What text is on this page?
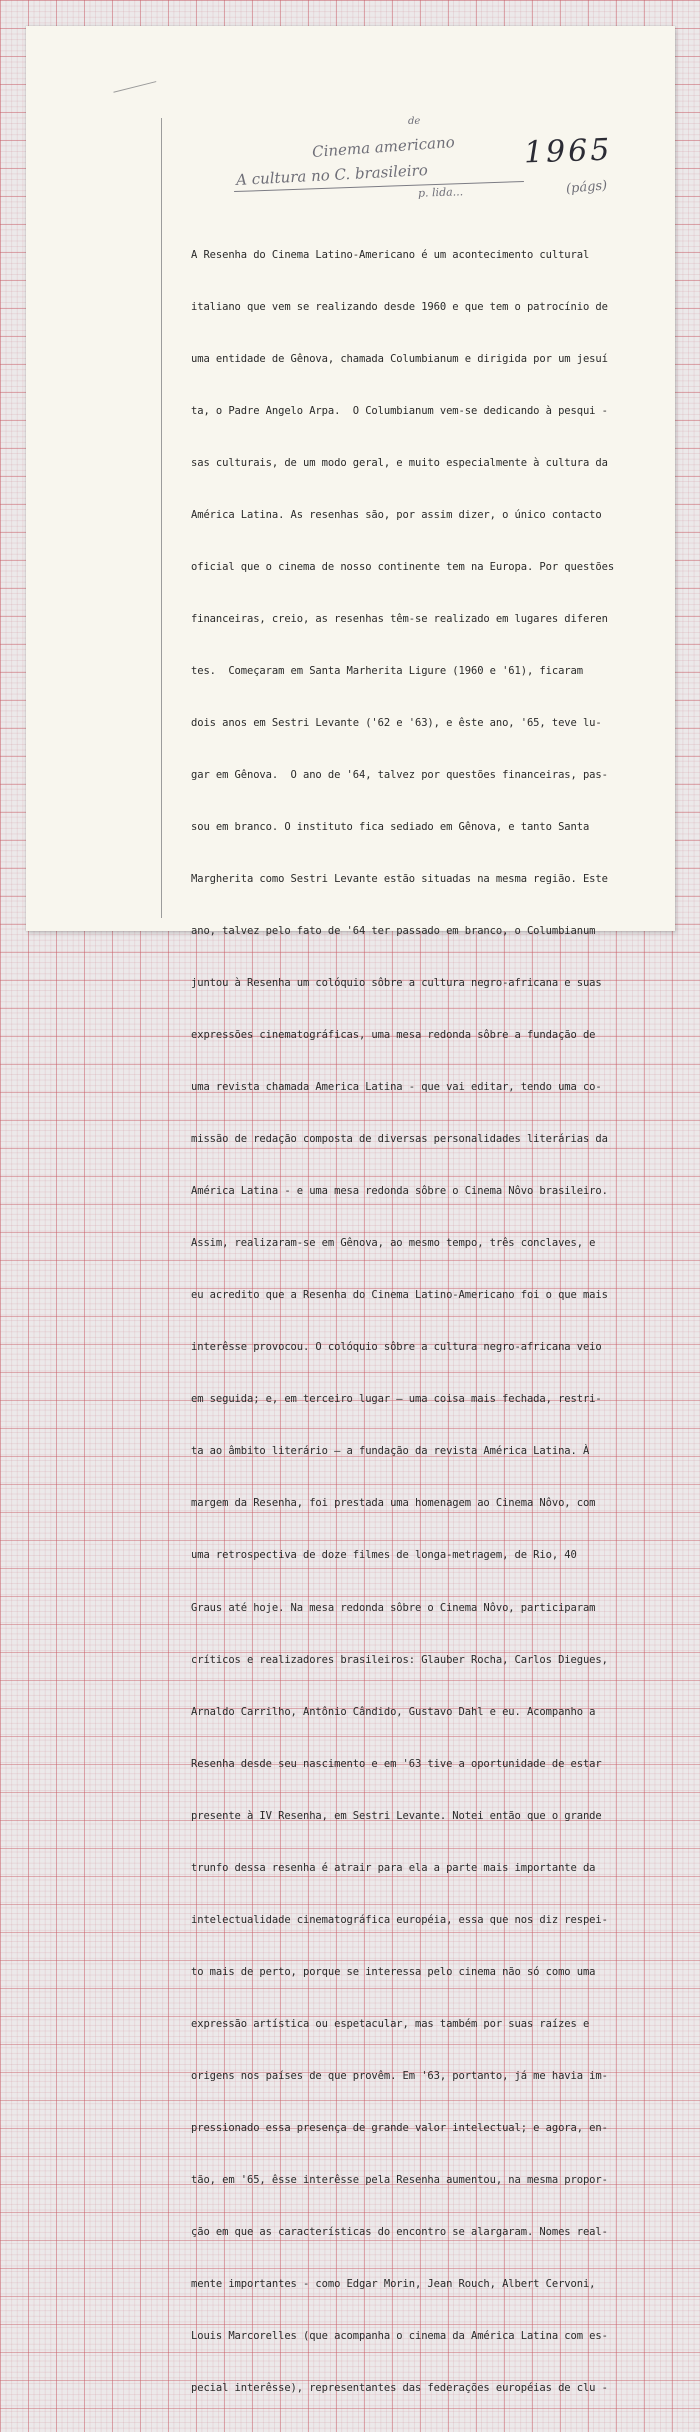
de
Cinema americano
A cultura no C. brasileiro
p. lida...
1965
(págs)

A Resenha do Cinema Latino-Americano é um acontecimento cultural

italiano que vem se realizando desde 1960 e que tem o patrocínio de

uma entidade de Gênova, chamada Columbianum e dirigida por um jesuí

ta, o Padre Angelo Arpa.  O Columbianum vem-se dedicando à pesqui -

sas culturais, de um modo geral, e muito especialmente à cultura da

América Latina. As resenhas são, por assim dizer, o único contacto

oficial que o cinema de nosso continente tem na Europa. Por questões

financeiras, creio, as resenhas têm-se realizado em lugares diferen

tes.  Começaram em Santa Marherita Ligure (1960 e '61), ficaram

dois anos em Sestri Levante ('62 e '63), e êste ano, '65, teve lu-

gar em Gênova.  O ano de '64, talvez por questões financeiras, pas-

sou em branco. O instituto fica sediado em Gênova, e tanto Santa

Margherita como Sestri Levante estão situadas na mesma região. Este

ano, talvez pelo fato de '64 ter passado em branco, o Columbianum

juntou à Resenha um colóquio sôbre a cultura negro-africana e suas

expressões cinematográficas, uma mesa redonda sôbre a fundação de

uma revista chamada America Latina - que vai editar, tendo uma co-

missão de redação composta de diversas personalidades literárias da

América Latina - e uma mesa redonda sôbre o Cinema Nôvo brasileiro.

Assim, realizaram-se em Gênova, ao mesmo tempo, três conclaves, e

eu acredito que a Resenha do Cinema Latino-Americano foi o que mais

interêsse provocou. O colóquio sôbre a cultura negro-africana veio

em seguida; e, em terceiro lugar — uma coisa mais fechada, restri-

ta ao âmbito literário — a fundação da revista América Latina. À

margem da Resenha, foi prestada uma homenagem ao Cinema Nôvo, com

uma retrospectiva de doze filmes de longa-metragem, de Rio, 40

Graus até hoje. Na mesa redonda sôbre o Cinema Nôvo, participaram

críticos e realizadores brasileiros: Glauber Rocha, Carlos Diegues,

Arnaldo Carrilho, Antônio Cândido, Gustavo Dahl e eu. Acompanho a

Resenha desde seu nascimento e em '63 tive a oportunidade de estar

presente à IV Resenha, em Sestri Levante. Notei então que o grande

trunfo dessa resenha é atrair para ela a parte mais importante da

intelectualidade cinematográfica européia, essa que nos diz respei-

to mais de perto, porque se interessa pelo cinema não só como uma

expressão artística ou espetacular, mas também por suas raízes e

origens nos países de que provêm. Em '63, portanto, já me havia im-

pressionado essa presença de grande valor intelectual; e agora, en-

tão, em '65, êsse interêsse pela Resenha aumentou, na mesma propor-

ção em que as características do encontro se alargaram. Nomes real-

mente importantes - como Edgar Morin, Jean Rouch, Albert Cervoni,

Louis Marcorelles (que acompanha o cinema da América Latina com es-

pecial interêsse), representantes das federações européias de clu -
